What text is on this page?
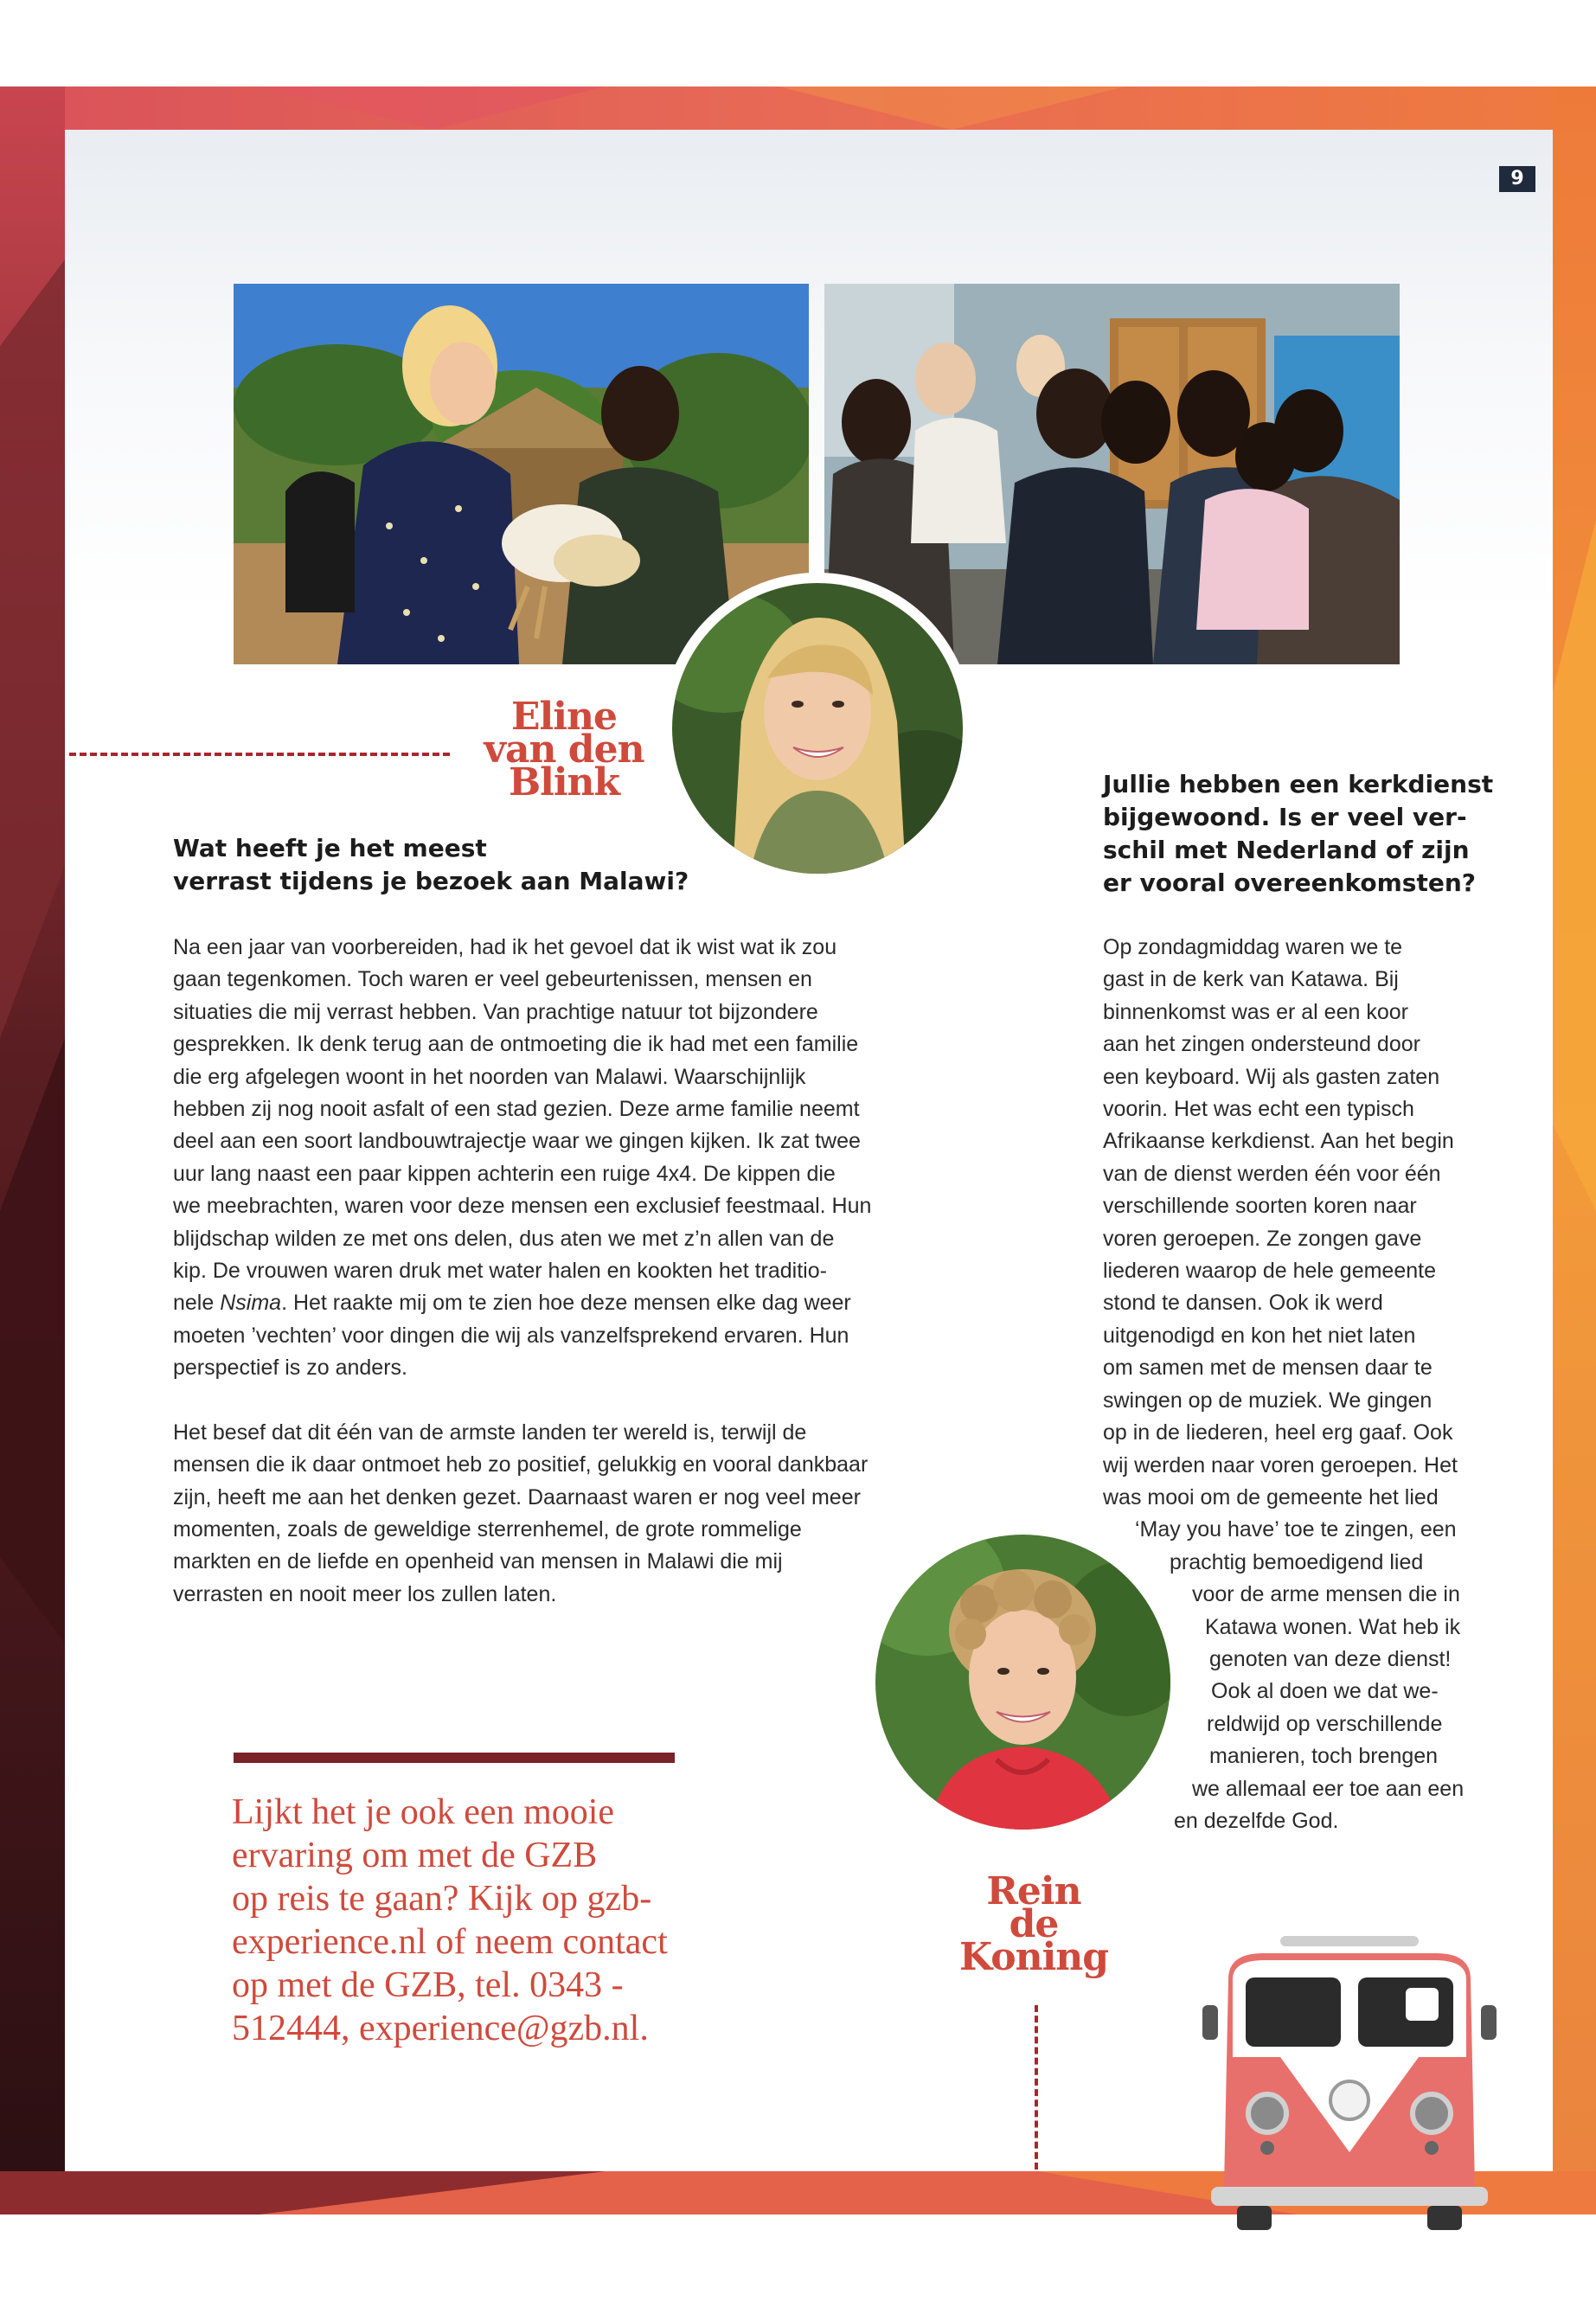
9
Eline
van den
Blink
Wat heeft je het meest
verrast tijdens je bezoek aan Malawi?

Na een jaar van voorbereiden, had ik het gevoel dat ik wist wat ik zou
gaan tegenkomen. Toch waren er veel gebeurtenissen, mensen en
situaties die mij verrast hebben. Van prachtige natuur tot bijzondere
gesprekken. Ik denk terug aan de ontmoeting die ik had met een familie
die erg afgelegen woont in het noorden van Malawi. Waarschijnlijk
hebben zij nog nooit asfalt of een stad gezien. Deze arme familie neemt
deel aan een soort landbouwtrajectje waar we gingen kijken. Ik zat twee
uur lang naast een paar kippen achterin een ruige 4x4. De kippen die
we meebrachten, waren voor deze mensen een exclusief feestmaal. Hun
blijdschap wilden ze met ons delen, dus aten we met z’n allen van de
kip. De vrouwen waren druk met water halen en kookten het traditio-
nele Nsima. Het raakte mij om te zien hoe deze mensen elke dag weer
moeten ’vechten’ voor dingen die wij als vanzelfsprekend ervaren. Hun
perspectief is zo anders.

Het besef dat dit één van de armste landen ter wereld is, terwijl de
mensen die ik daar ontmoet heb zo positief, gelukkig en vooral dankbaar
zijn, heeft me aan het denken gezet. Daarnaast waren er nog veel meer
momenten, zoals de geweldige sterrenhemel, de grote rommelige
markten en de liefde en openheid van mensen in Malawi die mij
verrasten en nooit meer los zullen laten.

Jullie hebben een kerkdienst
bijgewoond. Is er veel ver-
schil met Nederland of zijn
er vooral overeenkomsten?
Op zondagmiddag waren we te
gast in de kerk van Katawa. Bij
binnenkomst was er al een koor
aan het zingen ondersteund door
een keyboard. Wij als gasten zaten
voorin. Het was echt een typisch
Afrikaanse kerkdienst. Aan het begin
van de dienst werden één voor één
verschillende soorten koren naar
voren geroepen. Ze zongen gave
liederen waarop de hele gemeente
stond te dansen. Ook ik werd
uitgenodigd en kon het niet laten
om samen met de mensen daar te
swingen op de muziek. We gingen
op in de liederen, heel erg gaaf. Ook
wij werden naar voren geroepen. Het
was mooi om de gemeente het lied
‘May you have’ toe te zingen, een
prachtig bemoedigend lied
voor de arme mensen die in
Katawa wonen. Wat heb ik
genoten van deze dienst!
Ook al doen we dat we-
reldwijd op verschillende
manieren, toch brengen
we allemaal eer toe aan een
en dezelfde God.
Rein
de
Koning
Lijkt het je ook een mooie
ervaring om met de GZB
op reis te gaan? Kijk op gzb-
experience.nl of neem contact
op met de GZB, tel. 0343 -
512444, experience@gzb.nl.
